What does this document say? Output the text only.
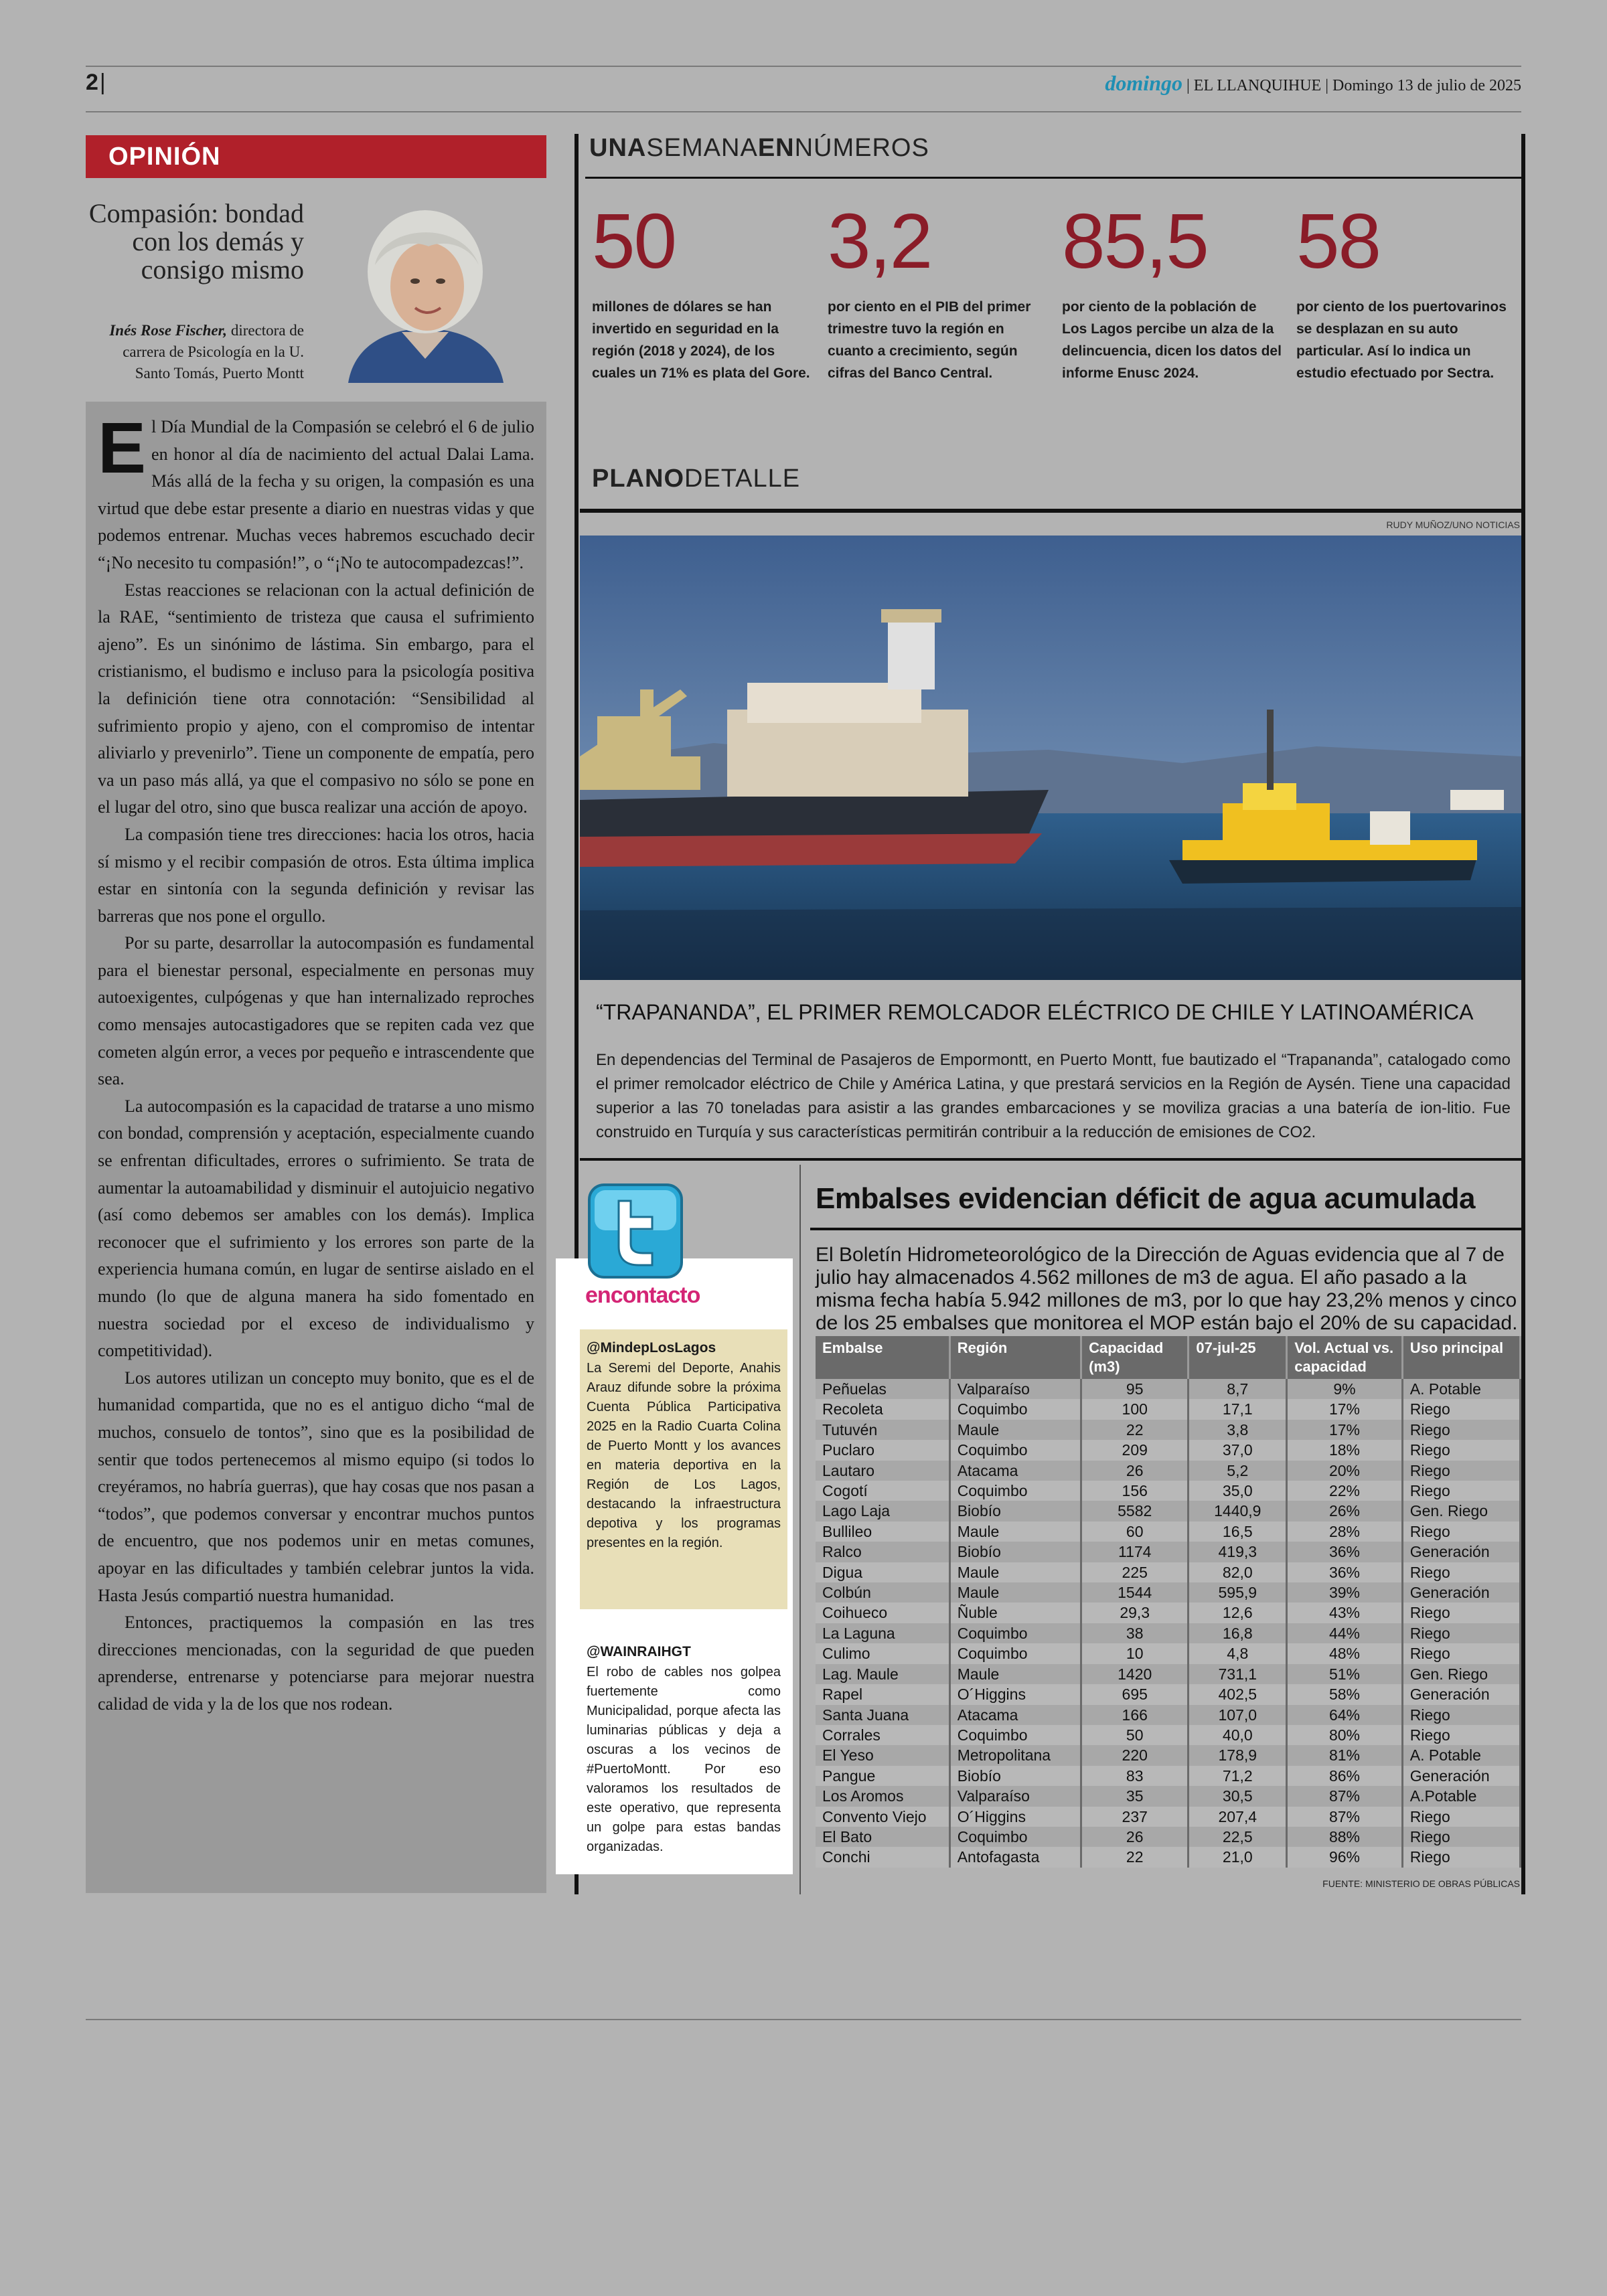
2 |	domingo | EL LLANQUIHUE | Domingo 13 de julio de 2025
OPINIÓN
Compasión: bondad con los demás y consigo mismo
Inés Rose Fischer, directora de carrera de Psicología en la U. Santo Tomás, Puerto Montt

El Día Mundial de la Compasión se celebró el 6 de julio en honor al día de nacimiento del actual Dalai Lama. Más allá de la fecha y su origen, la compasión es una virtud que debe estar presente a diario en nuestras vidas y que podemos entrenar. Muchas veces habremos escuchado decir “¡No necesito tu compasión!”, o “¡No te autocompadezcas!”.

Estas reacciones se relacionan con la actual definición de la RAE, “sentimiento de tristeza que causa el sufrimiento ajeno”. Es un sinónimo de lástima. Sin embargo, para el cristianismo, el budismo e incluso para la psicología positiva la definición tiene otra connotación: “Sensibilidad al sufrimiento propio y ajeno, con el compromiso de intentar aliviarlo y prevenirlo”. Tiene un componente de empatía, pero va un paso más allá, ya que el compasivo no sólo se pone en el lugar del otro, sino que busca realizar una acción de apoyo.

La compasión tiene tres direcciones: hacia los otros, hacia sí mismo y el recibir compasión de otros. Esta última implica estar en sintonía con la segunda definición y revisar las barreras que nos pone el orgullo.

Por su parte, desarrollar la autocompasión es fundamental para el bienestar personal, especialmente en personas muy autoexigentes, culpógenas y que han internalizado reproches como mensajes autocastigadores que se repiten cada vez que cometen algún error, a veces por pequeño e intrascendente que sea.

La autocompasión es la capacidad de tratarse a uno mismo con bondad, comprensión y aceptación, especialmente cuando se enfrentan dificultades, errores o sufrimiento. Se trata de aumentar la autoamabilidad y disminuir el autojuicio negativo (así como debemos ser amables con los demás). Implica reconocer que el sufrimiento y los errores son parte de la experiencia humana común, en lugar de sentirse aislado en el mundo (lo que de alguna manera ha sido fomentado en nuestra sociedad por el exceso de individualismo y competitividad).

Los autores utilizan un concepto muy bonito, que es el de humanidad compartida, que no es el antiguo dicho “mal de muchos, consuelo de tontos”, sino que es la posibilidad de sentir que todos pertenecemos al mismo equipo (si todos lo creyéramos, no habría guerras), que hay cosas que nos pasan a “todos”, que podemos conversar y encontrar muchos puntos de encuentro, que nos podemos unir en metas comunes, apoyar en las dificultades y también celebrar juntos la vida. Hasta Jesús compartió nuestra humanidad.

Entonces, practiquemos la compasión en las tres direcciones mencionadas, con la seguridad de que pueden aprenderse, entrenarse y potenciarse para mejorar nuestra calidad de vida y la de los que nos rodean.

UNASEMANAENNÚMEROS
50
millones de dólares se han invertido en seguridad en la región (2018 y 2024), de los cuales un 71% es plata del Gore.
3,2
por ciento en el PIB del primer trimestre tuvo la región en cuanto a crecimiento, según cifras del Banco Central.
85,5
por ciento de la población de Los Lagos percibe un alza de la delincuencia, dicen los datos del informe Enusc 2024.
58
por ciento de los puertovarinos se desplazan en su auto particular. Así lo indica un estudio efectuado por Sectra.
PLANODETALLE
RUDY MUÑOZ/UNO NOTICIAS
“TRAPANANDA”, EL PRIMER REMOLCADOR ELÉCTRICO DE CHILE Y LATINOAMÉRICA
En dependencias del Terminal de Pasajeros de Empormontt, en Puerto Montt, fue bautizado el “Trapananda”, catalogado como el primer remolcador eléctrico de Chile y América Latina, y que prestará servicios en la Región de Aysén. Tiene una capacidad superior a las 70 toneladas para asistir a las grandes embarcaciones y se moviliza gracias a una batería de ion-litio. Fue construido en Turquía y sus características permitirán contribuir a la reducción de emisiones de CO2.
encontacto
@MindepLosLagos
La Seremi del Deporte, Anahis Arauz difunde sobre la próxima Cuenta Pública Participativa 2025 en la Radio Cuarta Colina de Puerto Montt y los avances en materia deportiva en la Región de Los Lagos, destacando la infraestructura depotiva y los programas presentes en la región.
@WAINRAIHGT
El robo de cables nos golpea fuertemente como Municipalidad, porque afecta las luminarias públicas y deja a oscuras a los vecinos de #PuertoMontt. Por eso valoramos los resultados de este operativo, que representa un golpe para estas bandas organizadas.
Embalses evidencian déficit de agua acumulada
El Boletín Hidrometeorológico de la Dirección de Aguas evidencia que al 7 de julio hay almacenados 4.562 millones de m3 de agua. El año pasado a la misma fecha había 5.942 millones de m3, por lo que hay 23,2% menos y cinco de los 25 embalses que monitorea el MOP están bajo el 20% de su capacidad.
Embalse	Región	Capacidad (m3)	07-jul-25	Vol. Actual vs. capacidad	Uso principal
Peñuelas	Valparaíso	95	8,7	9%	A. Potable
Recoleta	Coquimbo	100	17,1	17%	Riego
Tutuvén	Maule	22	3,8	17%	Riego
Puclaro	Coquimbo	209	37,0	18%	Riego
Lautaro	Atacama	26	5,2	20%	Riego
Cogotí	Coquimbo	156	35,0	22%	Riego
Lago Laja	Biobío	5582	1440,9	26%	Gen. Riego
Bullileo	Maule	60	16,5	28%	Riego
Ralco	Biobío	1174	419,3	36%	Generación
Digua	Maule	225	82,0	36%	Riego
Colbún	Maule	1544	595,9	39%	Generación
Coihueco	Ñuble	29,3	12,6	43%	Riego
La Laguna	Coquimbo	38	16,8	44%	Riego
Culimo	Coquimbo	10	4,8	48%	Riego
Lag. Maule	Maule	1420	731,1	51%	Gen. Riego
Rapel	O´Higgins	695	402,5	58%	Generación
Santa Juana	Atacama	166	107,0	64%	Riego
Corrales	Coquimbo	50	40,0	80%	Riego
El Yeso	Metropolitana	220	178,9	81%	A. Potable
Pangue	Biobío	83	71,2	86%	Generación
Los Aromos	Valparaíso	35	30,5	87%	A.Potable
Convento Viejo	O´Higgins	237	207,4	87%	Riego
El Bato	Coquimbo	26	22,5	88%	Riego
Conchi	Antofagasta	22	21,0	96%	Riego
FUENTE: MINISTERIO DE OBRAS PÚBLICAS
